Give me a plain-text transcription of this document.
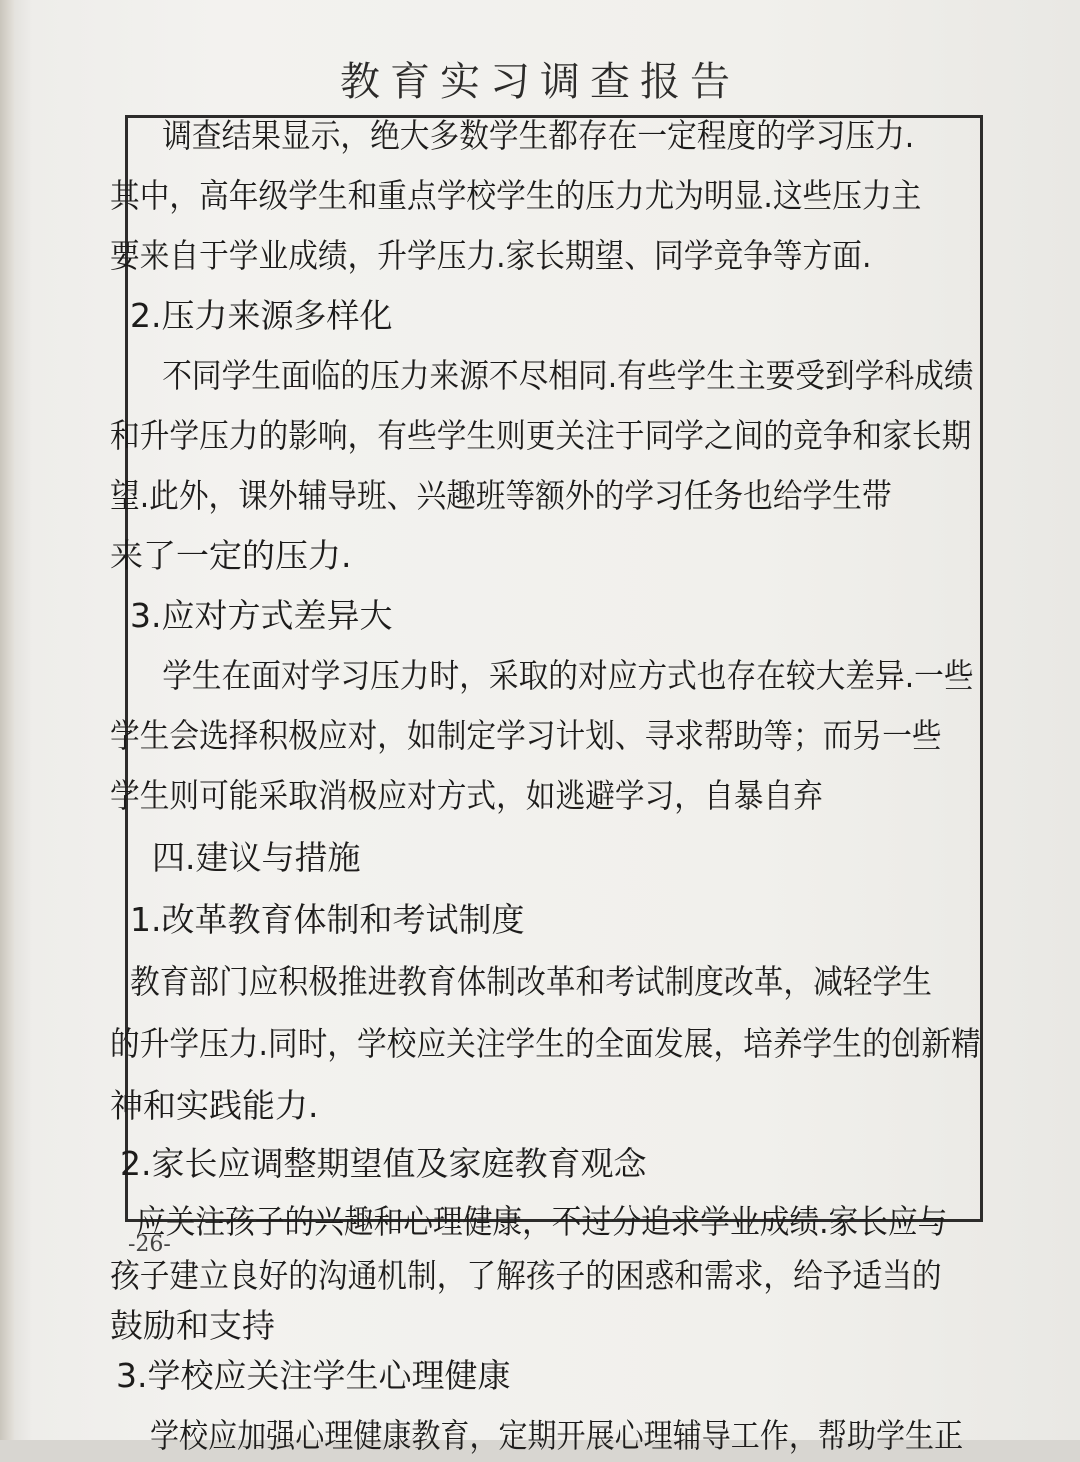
教育实习调查报告
调查结果显示，绝大多数学生都存在一定程度的学习压力.
其中，高年级学生和重点学校学生的压力尤为明显.这些压力主
要来自于学业成绩，升学压力.家长期望、同学竞争等方面.
2.压力来源多样化
不同学生面临的压力来源不尽相同.有些学生主要受到学科成绩
和升学压力的影响，有些学生则更关注于同学之间的竞争和家长期
望.此外，课外辅导班、兴趣班等额外的学习任务也给学生带
来了一定的压力.
3.应对方式差异大
学生在面对学习压力时，采取的对应方式也存在较大差异.一些
学生会选择积极应对，如制定学习计划、寻求帮助等；而另一些
学生则可能采取消极应对方式，如逃避学习，自暴自弃
四.建议与措施
1.改革教育体制和考试制度
教育部门应积极推进教育体制改革和考试制度改革，减轻学生
的升学压力.同时，学校应关注学生的全面发展，培养学生的创新精
神和实践能力.
2.家长应调整期望值及家庭教育观念
应关注孩子的兴趣和心理健康，不过分追求学业成绩.家长应与
孩子建立良好的沟通机制，了解孩子的困惑和需求，给予适当的
鼓励和支持
3.学校应关注学生心理健康
学校应加强心理健康教育，定期开展心理辅导工作，帮助学生正
-26-
